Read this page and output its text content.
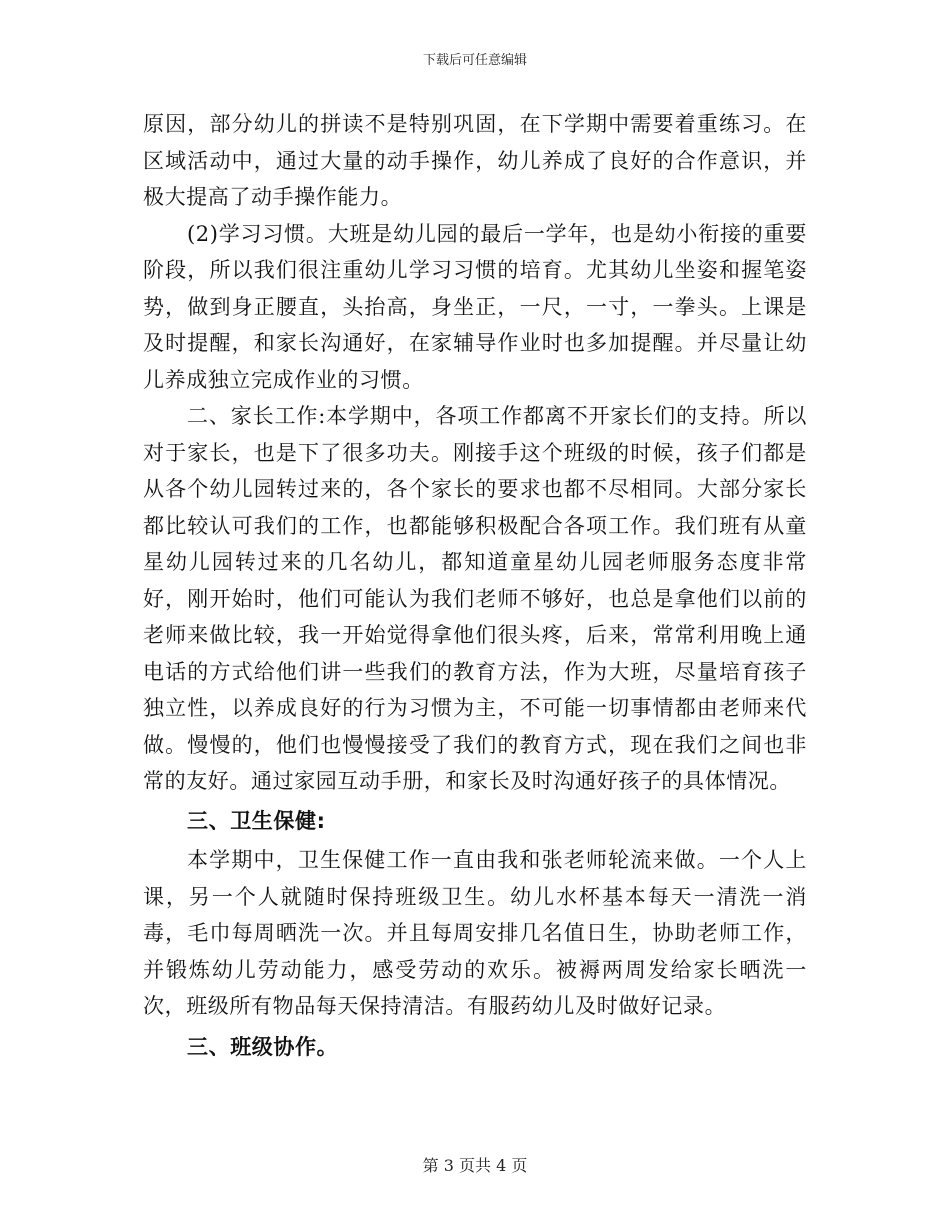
下载后可任意编辑

原因，部分幼儿的拼读不是特别巩固，在下学期中需要着重练习。在区域活动中，通过大量的动手操作，幼儿养成了良好的合作意识，并极大提高了动手操作能力。

(2)学习习惯。大班是幼儿园的最后一学年，也是幼小衔接的重要阶段，所以我们很注重幼儿学习习惯的培育。尤其幼儿坐姿和握笔姿势，做到身正腰直，头抬高，身坐正，一尺，一寸，一拳头。上课是及时提醒，和家长沟通好，在家辅导作业时也多加提醒。并尽量让幼儿养成独立完成作业的习惯。

二、家长工作:本学期中，各项工作都离不开家长们的支持。所以对于家长，也是下了很多功夫。刚接手这个班级的时候，孩子们都是从各个幼儿园转过来的，各个家长的要求也都不尽相同。大部分家长都比较认可我们的工作，也都能够积极配合各项工作。我们班有从童星幼儿园转过来的几名幼儿，都知道童星幼儿园老师服务态度非常好，刚开始时，他们可能认为我们老师不够好，也总是拿他们以前的老师来做比较，我一开始觉得拿他们很头疼，后来，常常利用晚上通电话的方式给他们讲一些我们的教育方法，作为大班，尽量培育孩子独立性，以养成良好的行为习惯为主，不可能一切事情都由老师来代做。慢慢的，他们也慢慢接受了我们的教育方式，现在我们之间也非常的友好。通过家园互动手册，和家长及时沟通好孩子的具体情况。

三、卫生保健:

本学期中，卫生保健工作一直由我和张老师轮流来做。一个人上课，另一个人就随时保持班级卫生。幼儿水杯基本每天一清洗一消毒，毛巾每周晒洗一次。并且每周安排几名值日生，协助老师工作，并锻炼幼儿劳动能力，感受劳动的欢乐。被褥两周发给家长晒洗一次，班级所有物品每天保持清洁。有服药幼儿及时做好记录。

三、班级协作。

第 3 页共 4 页
